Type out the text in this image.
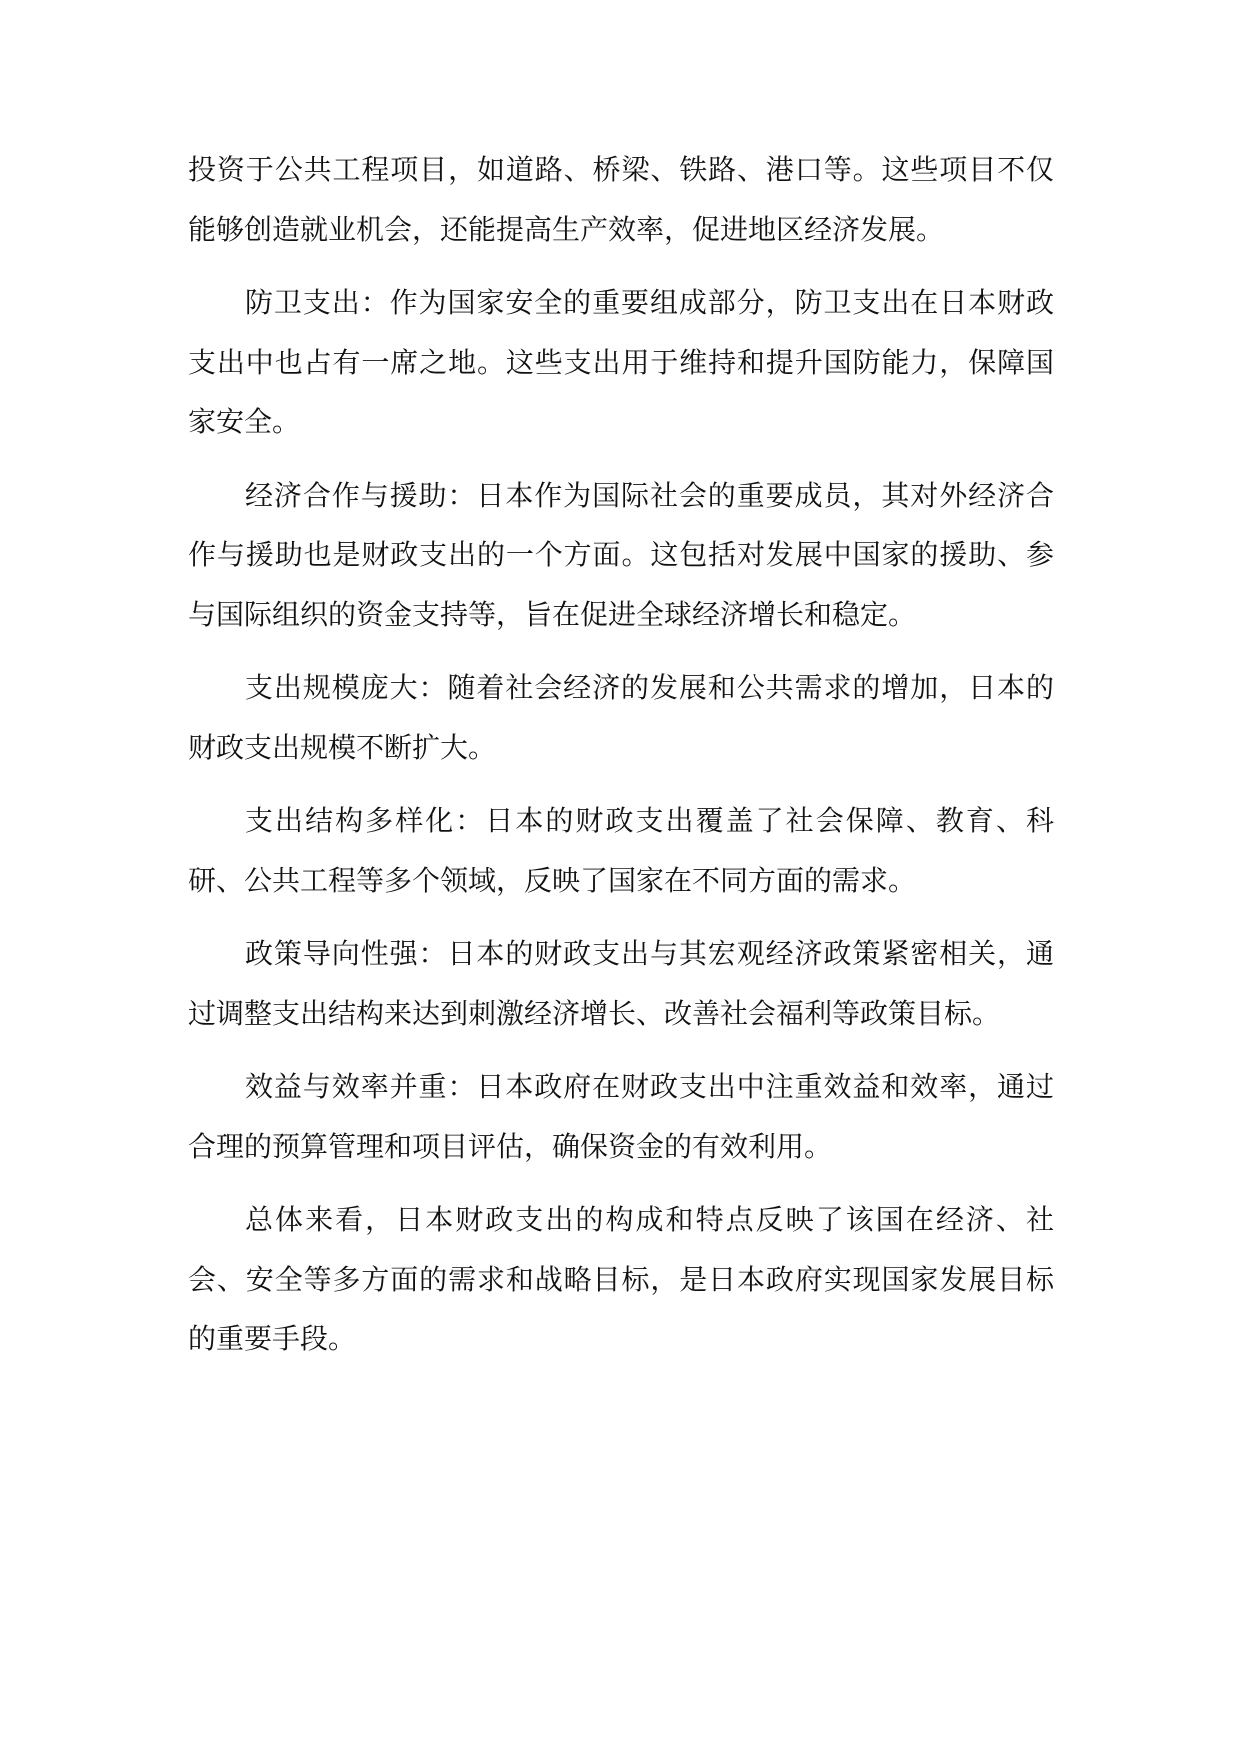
投资于公共工程项目，如道路、桥梁、铁路、港口等。这些项目不仅能够创造就业机会，还能提高生产效率，促进地区经济发展。

防卫支出：作为国家安全的重要组成部分，防卫支出在日本财政支出中也占有一席之地。这些支出用于维持和提升国防能力，保障国家安全。

经济合作与援助：日本作为国际社会的重要成员，其对外经济合作与援助也是财政支出的一个方面。这包括对发展中国家的援助、参与国际组织的资金支持等，旨在促进全球经济增长和稳定。

支出规模庞大：随着社会经济的发展和公共需求的增加，日本的财政支出规模不断扩大。

支出结构多样化：日本的财政支出覆盖了社会保障、教育、科研、公共工程等多个领域，反映了国家在不同方面的需求。

政策导向性强：日本的财政支出与其宏观经济政策紧密相关，通过调整支出结构来达到刺激经济增长、改善社会福利等政策目标。

效益与效率并重：日本政府在财政支出中注重效益和效率，通过合理的预算管理和项目评估，确保资金的有效利用。

总体来看，日本财政支出的构成和特点反映了该国在经济、社会、安全等多方面的需求和战略目标，是日本政府实现国家发展目标的重要手段。
